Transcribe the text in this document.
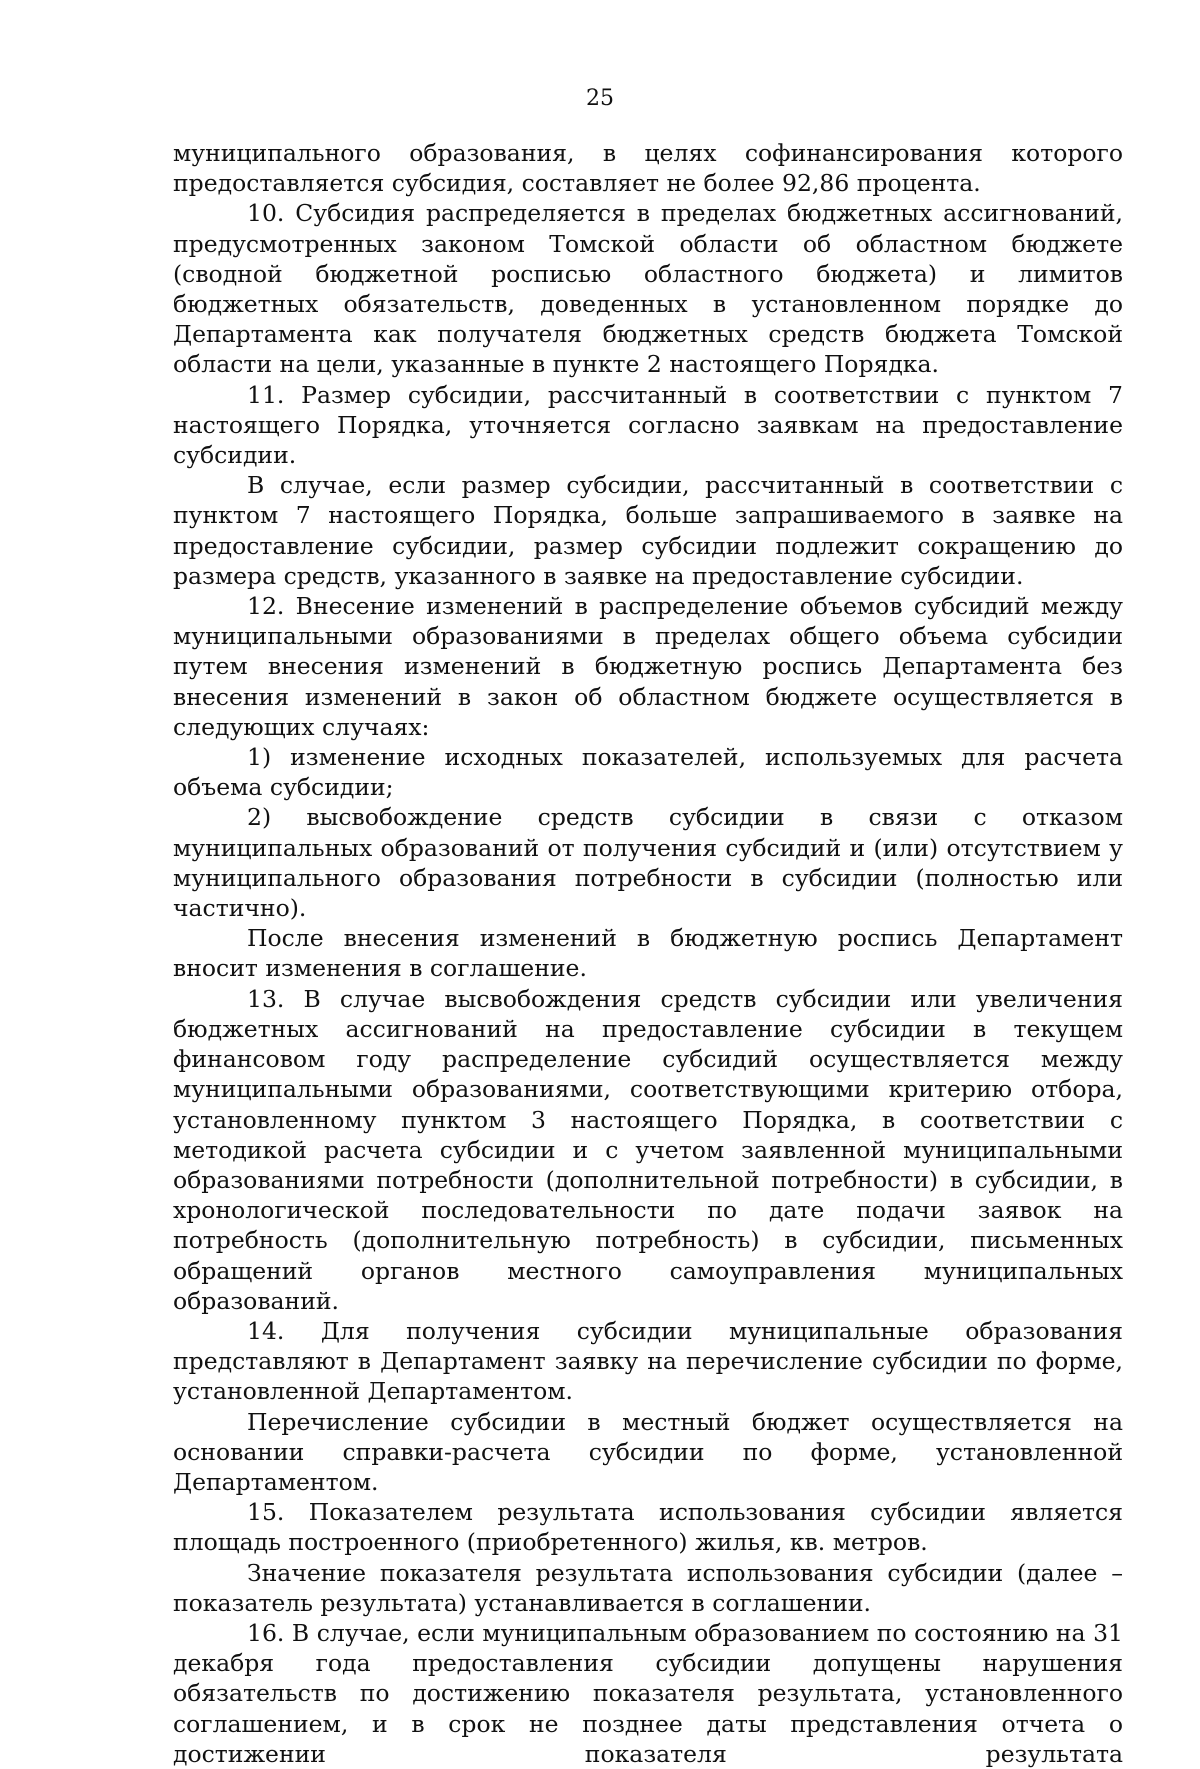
25

муниципального образования, в целях софинансирования которого предоставляется субсидия, составляет не более 92,86 процента.

10. Субсидия распределяется в пределах бюджетных ассигнований, предусмотренных законом Томской области об областном бюджете (сводной бюджетной росписью областного бюджета) и лимитов бюджетных обязательств, доведенных в установленном порядке до Департамента как получателя бюджетных средств бюджета Томской области на цели, указанные в пункте 2 настоящего Порядка.

11. Размер субсидии, рассчитанный в соответствии с пунктом 7 настоящего Порядка, уточняется согласно заявкам на предоставление субсидии.

В случае, если размер субсидии, рассчитанный в соответствии с пунктом 7 настоящего Порядка, больше запрашиваемого в заявке на предоставление субсидии, размер субсидии подлежит сокращению до размера средств, указанного в заявке на предоставление субсидии.

12. Внесение изменений в распределение объемов субсидий между муниципальными образованиями в пределах общего объема субсидии путем внесения изменений в бюджетную роспись Департамента без внесения изменений в закон об областном бюджете осуществляется в следующих случаях:

1) изменение исходных показателей, используемых для расчета объема субсидии;

2) высвобождение средств субсидии в связи с отказом муниципальных образований от получения субсидий и (или) отсутствием у муниципального образования потребности в субсидии (полностью или частично).

После внесения изменений в бюджетную роспись Департамент вносит изменения в соглашение.

13. В случае высвобождения средств субсидии или увеличения бюджетных ассигнований на предоставление субсидии в текущем финансовом году распределение субсидий осуществляется между муниципальными образованиями, соответствующими критерию отбора, установленному пунктом 3 настоящего Порядка, в соответствии с методикой расчета субсидии и с учетом заявленной муниципальными образованиями потребности (дополнительной потребности) в субсидии, в хронологической последовательности по дате подачи заявок на потребность (дополнительную потребность) в субсидии, письменных обращений органов местного самоуправления муниципальных образований.

14. Для получения субсидии муниципальные образования представляют в Департамент заявку на перечисление субсидии по форме, установленной Департаментом.

Перечисление субсидии в местный бюджет осуществляется на основании справки-расчета субсидии по форме, установленной Департаментом.

15. Показателем результата использования субсидии является площадь построенного (приобретенного) жилья, кв. метров.

Значение показателя результата использования субсидии (далее – показатель результата) устанавливается в соглашении.

16. В случае, если муниципальным образованием по состоянию на 31 декабря года предоставления субсидии допущены нарушения обязательств по достижению показателя результата, установленного соглашением, и в срок не позднее даты представления отчета о достижении показателя результата
